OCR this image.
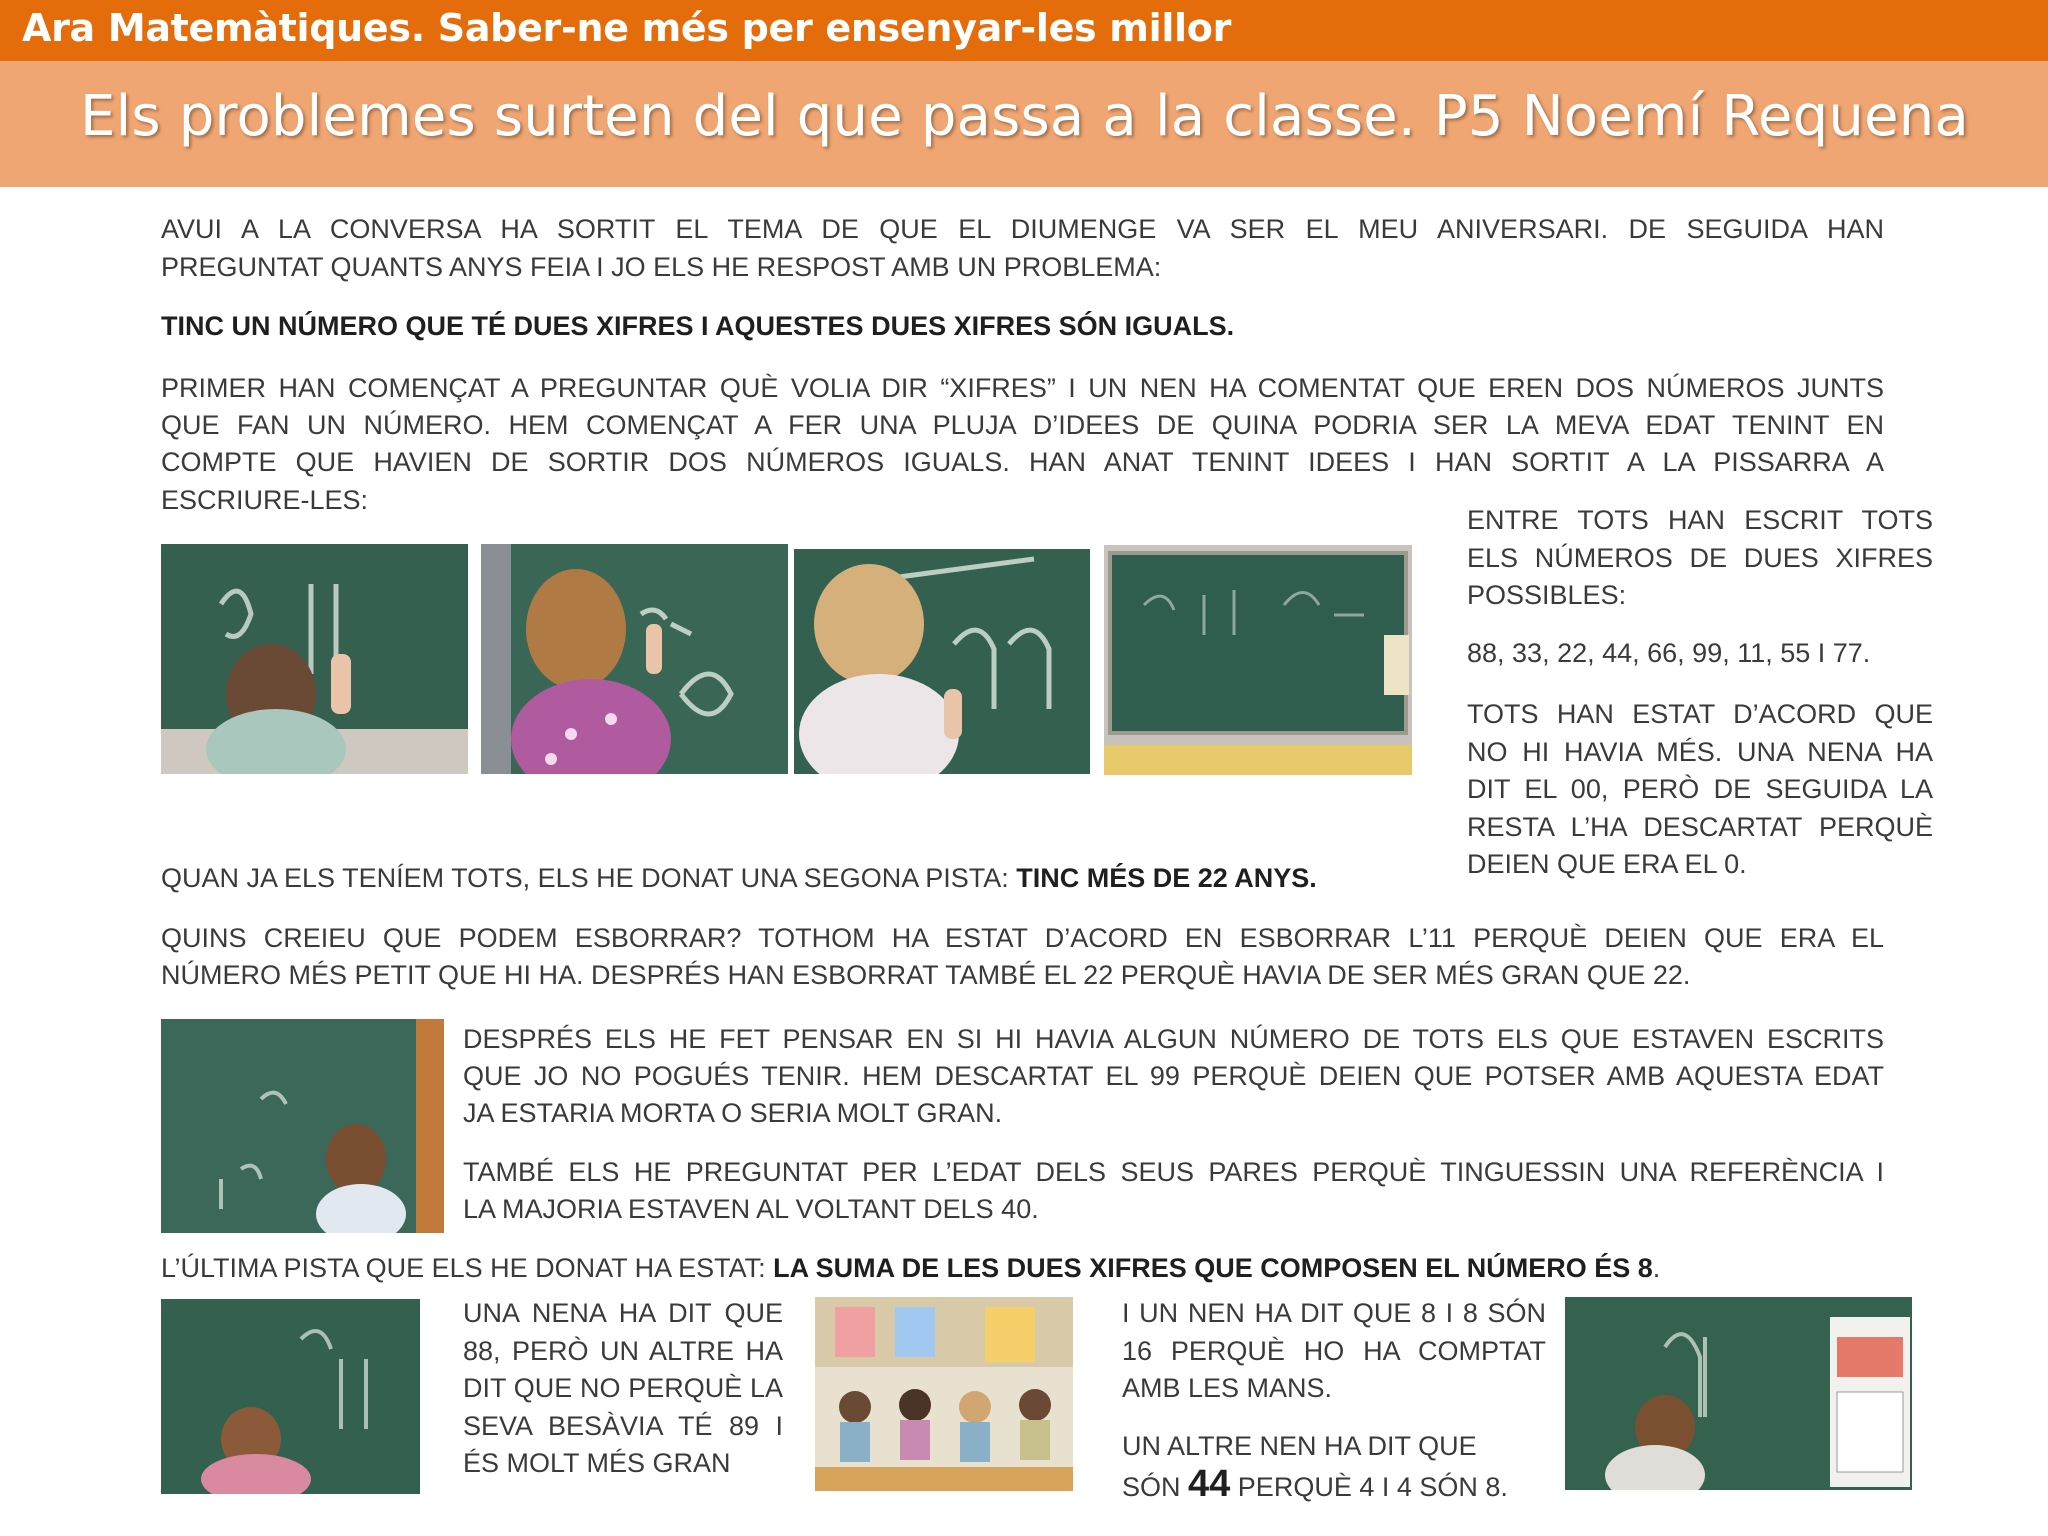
Ara Matemàtiques. Saber-ne més per ensenyar-les millor
Els problemes surten del que passa a la classe. P5 Noemí Requena
AVUI A LA CONVERSA HA SORTIT EL TEMA DE QUE EL DIUMENGE VA SER EL MEU ANIVERSARI. DE SEGUIDA HAN
PREGUNTAT QUANTS ANYS FEIA I JO ELS HE RESPOST AMB UN PROBLEMA:
TINC UN NÚMERO QUE TÉ DUES XIFRES I AQUESTES DUES XIFRES SÓN IGUALS.
PRIMER HAN COMENÇAT A PREGUNTAR QUÈ VOLIA DIR “XIFRES” I UN NEN HA COMENTAT QUE EREN DOS NÚMEROS JUNTS
QUE FAN UN NÚMERO. HEM COMENÇAT A FER UNA PLUJA D’IDEES DE QUINA PODRIA SER LA MEVA EDAT TENINT EN
COMPTE QUE HAVIEN DE SORTIR DOS NÚMEROS IGUALS. HAN ANAT TENINT IDEES I HAN SORTIT A LA PISSARRA A
ESCRIURE-LES:
ENTRE TOTS HAN ESCRIT TOTS ELS NÚMEROS DE DUES XIFRES POSSIBLES:
88, 33, 22, 44, 66, 99, 11, 55 I 77.
TOTS HAN ESTAT D’ACORD QUE NO HI HAVIA MÉS. UNA NENA HA DIT EL 00, PERÒ DE SEGUIDA LA RESTA L’HA DESCARTAT PERQUÈ DEIEN QUE ERA EL 0.
QUAN JA ELS TENÍEM TOTS, ELS HE DONAT UNA SEGONA PISTA: TINC MÉS DE 22 ANYS.
QUINS CREIEU QUE PODEM ESBORRAR? TOTHOM HA ESTAT D’ACORD EN ESBORRAR L’11 PERQUÈ DEIEN QUE ERA EL
NÚMERO MÉS PETIT QUE HI HA. DESPRÉS HAN ESBORRAT TAMBÉ EL 22 PERQUÈ HAVIA DE SER MÉS GRAN QUE 22.
DESPRÉS ELS HE FET PENSAR EN SI HI HAVIA ALGUN NÚMERO DE TOTS ELS QUE ESTAVEN ESCRITS
QUE JO NO POGUÉS TENIR. HEM DESCARTAT EL 99 PERQUÈ DEIEN QUE POTSER AMB AQUESTA EDAT
JA ESTARIA MORTA O SERIA MOLT GRAN.
TAMBÉ ELS HE PREGUNTAT PER L’EDAT DELS SEUS PARES PERQUÈ TINGUESSIN UNA REFERÈNCIA I
LA MAJORIA ESTAVEN AL VOLTANT DELS 40.
L’ÚLTIMA PISTA QUE ELS HE DONAT HA ESTAT: LA SUMA DE LES DUES XIFRES QUE COMPOSEN EL NÚMERO ÉS 8.
UNA NENA HA DIT QUE 88, PERÒ UN ALTRE HA DIT QUE NO PERQUÈ LA SEVA BESÀVIA TÉ 89 I ÉS MOLT MÉS GRAN
I UN NEN HA DIT QUE 8 I 8 SÓN 16 PERQUÈ HO HA COMPTAT AMB LES MANS.
UN ALTRE NEN HA DIT QUE
SÓN 44 PERQUÈ 4 I 4 SÓN 8.
